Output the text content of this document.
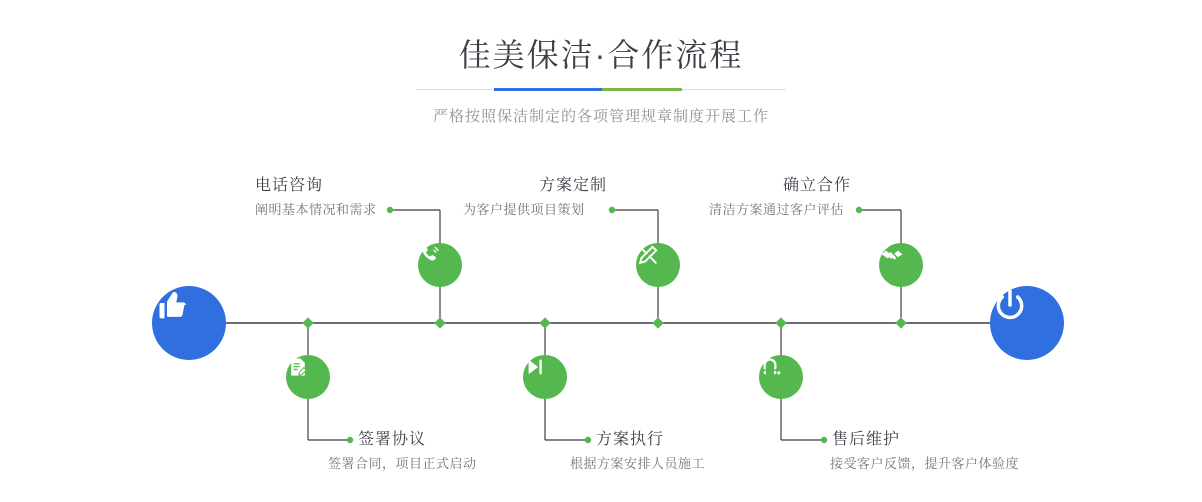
佳美保洁·合作流程
严格按照保洁制定的各项管理规章制度开展工作
电话咨询
阐明基本情况和需求
方案定制
为客户提供项目策划
确立合作
清洁方案通过客户评估
签署协议
签署合同，项目正式启动
方案执行
根据方案安排人员施工
售后维护
接受客户反馈，提升客户体验度
